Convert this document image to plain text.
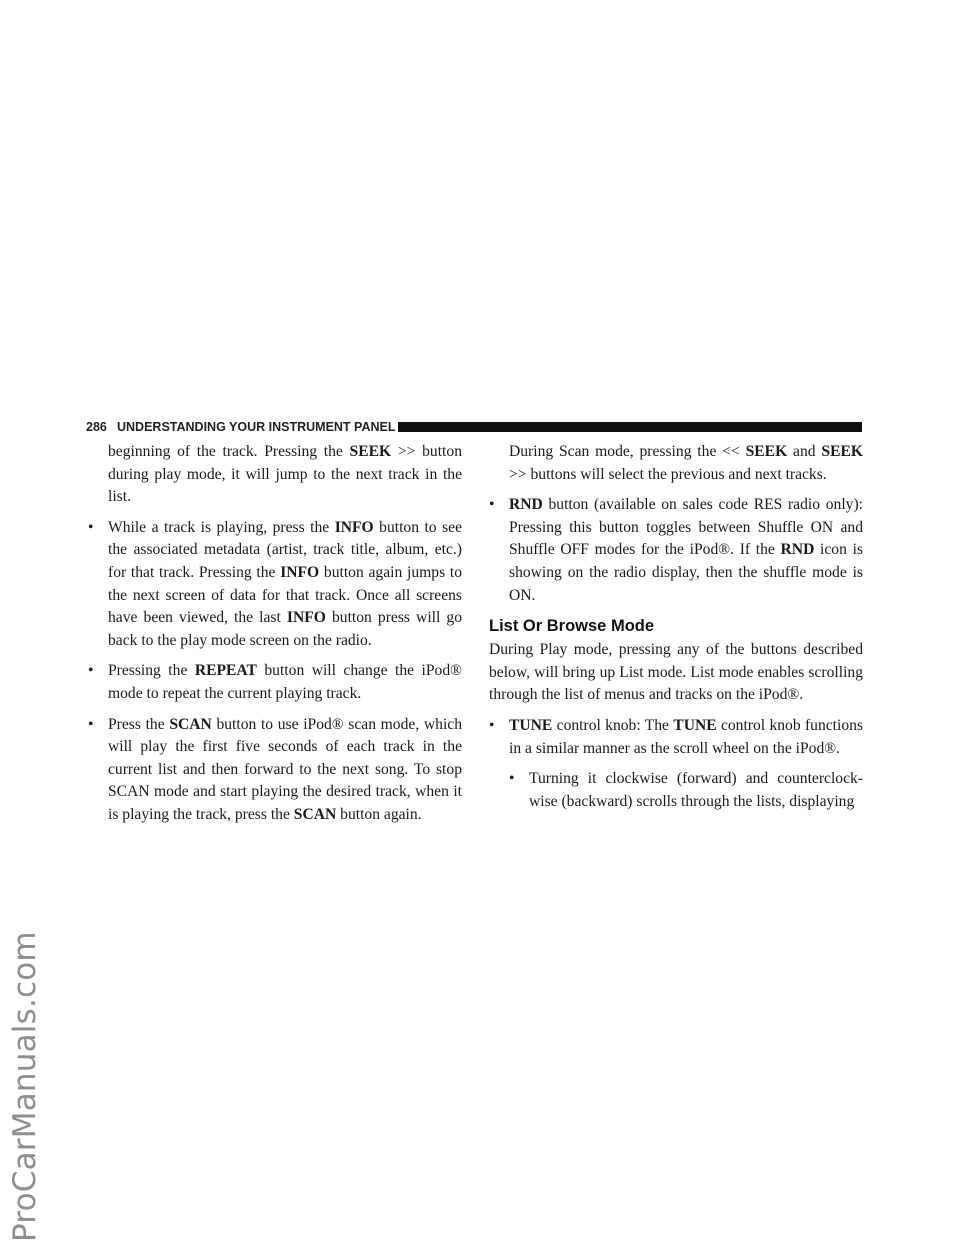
ProCarManuals.com
286 UNDERSTANDING YOUR INSTRUMENT PANEL

beginning of the track. Pressing the SEEK >> button during play mode, it will jump to the next track in the list.

• While a track is playing, press the INFO button to see the associated metadata (artist, track title, album, etc.) for that track. Pressing the INFO button again jumps to the next screen of data for that track. Once all screens have been viewed, the last INFO button press will go back to the play mode screen on the radio.

• Pressing the REPEAT button will change the iPod® mode to repeat the current playing track.

• Press the SCAN button to use iPod® scan mode, which will play the first five seconds of each track in the current list and then forward to the next song. To stop SCAN mode and start playing the desired track, when it is playing the track, press the SCAN button again.

During Scan mode, pressing the << SEEK and SEEK >> buttons will select the previous and next tracks.

• RND button (available on sales code RES radio only): Pressing this button toggles between Shuffle ON and Shuffle OFF modes for the iPod®. If the RND icon is showing on the radio display, then the shuffle mode is ON.

List Or Browse Mode

During Play mode, pressing any of the buttons described below, will bring up List mode. List mode enables scrolling through the list of menus and tracks on the iPod®.

• TUNE control knob: The TUNE control knob functions in a similar manner as the scroll wheel on the iPod®.

• Turning it clockwise (forward) and counterclock-wise (backward) scrolls through the lists, displaying
